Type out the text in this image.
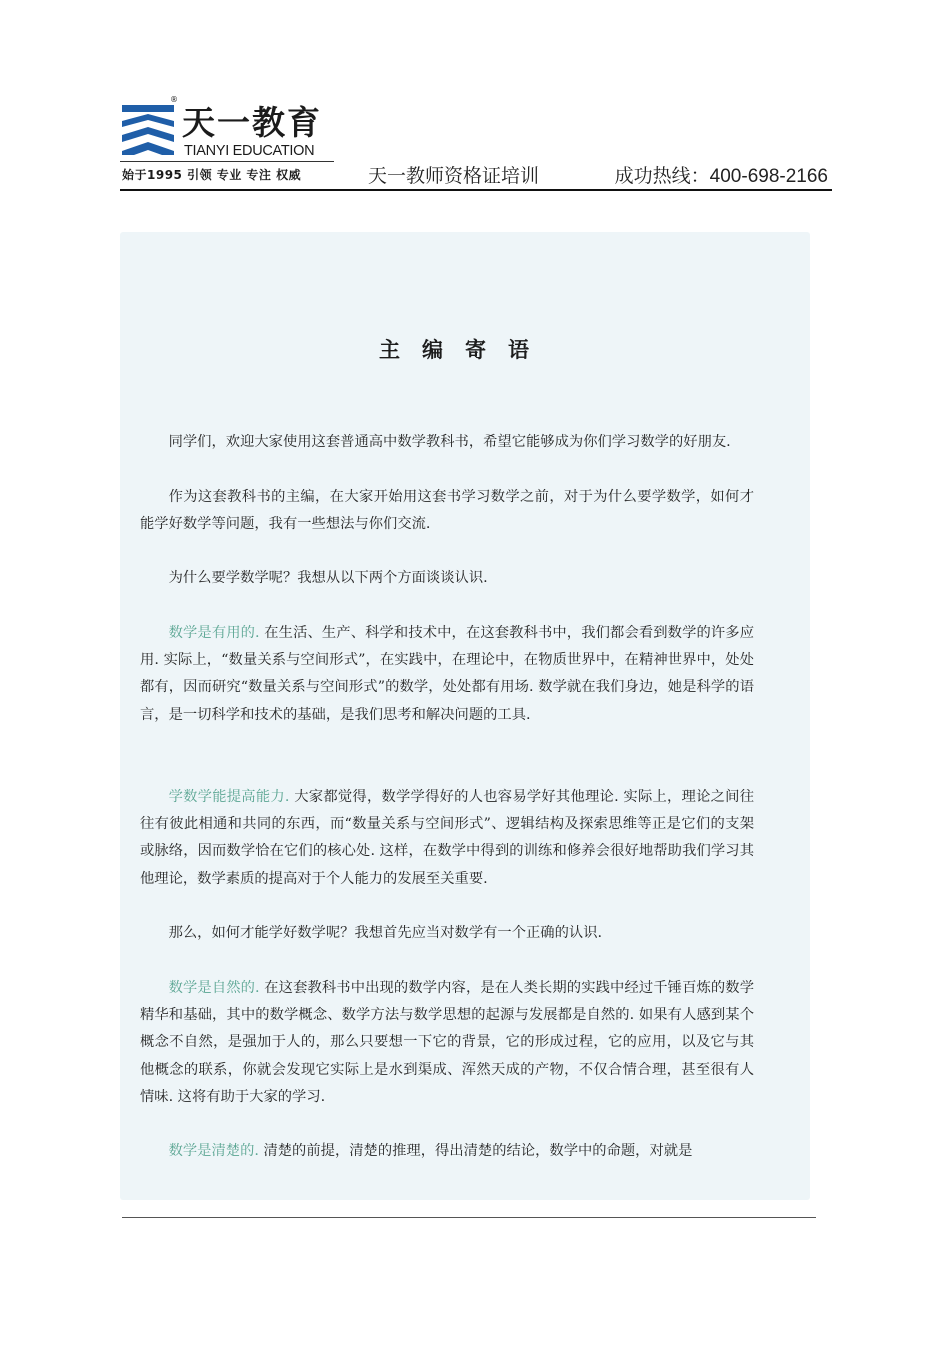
®
天一教育
TIANYI EDUCATION
始于1995 引领 专业 专注 权威	天一教师资格证培训	成功热线：400-698-2166
主编寄语

同学们，欢迎大家使用这套普通高中数学教科书，希望它能够成为你们学习数学的好朋友.

作为这套教科书的主编，在大家开始用这套书学习数学之前，对于为什么要学数学，如何才能学好数学等问题，我有一些想法与你们交流.

为什么要学数学呢？我想从以下两个方面谈谈认识.

数学是有用的. 在生活、生产、科学和技术中，在这套教科书中，我们都会看到数学的许多应用. 实际上，“数量关系与空间形式”，在实践中，在理论中，在物质世界中，在精神世界中，处处都有，因而研究“数量关系与空间形式”的数学，处处都有用场. 数学就在我们身边，她是科学的语言，是一切科学和技术的基础，是我们思考和解决问题的工具.

学数学能提高能力. 大家都觉得，数学学得好的人也容易学好其他理论. 实际上，理论之间往往有彼此相通和共同的东西，而“数量关系与空间形式”、逻辑结构及探索思维等正是它们的支架或脉络，因而数学恰在它们的核心处. 这样，在数学中得到的训练和修养会很好地帮助我们学习其他理论，数学素质的提高对于个人能力的发展至关重要.

那么，如何才能学好数学呢？我想首先应当对数学有一个正确的认识.

数学是自然的. 在这套教科书中出现的数学内容，是在人类长期的实践中经过千锤百炼的数学精华和基础，其中的数学概念、数学方法与数学思想的起源与发展都是自然的. 如果有人感到某个概念不自然，是强加于人的，那么只要想一下它的背景，它的形成过程，它的应用，以及它与其他概念的联系，你就会发现它实际上是水到渠成、浑然天成的产物，不仅合情合理，甚至很有人情味. 这将有助于大家的学习.

数学是清楚的. 清楚的前提，清楚的推理，得出清楚的结论，数学中的命题，对就是
